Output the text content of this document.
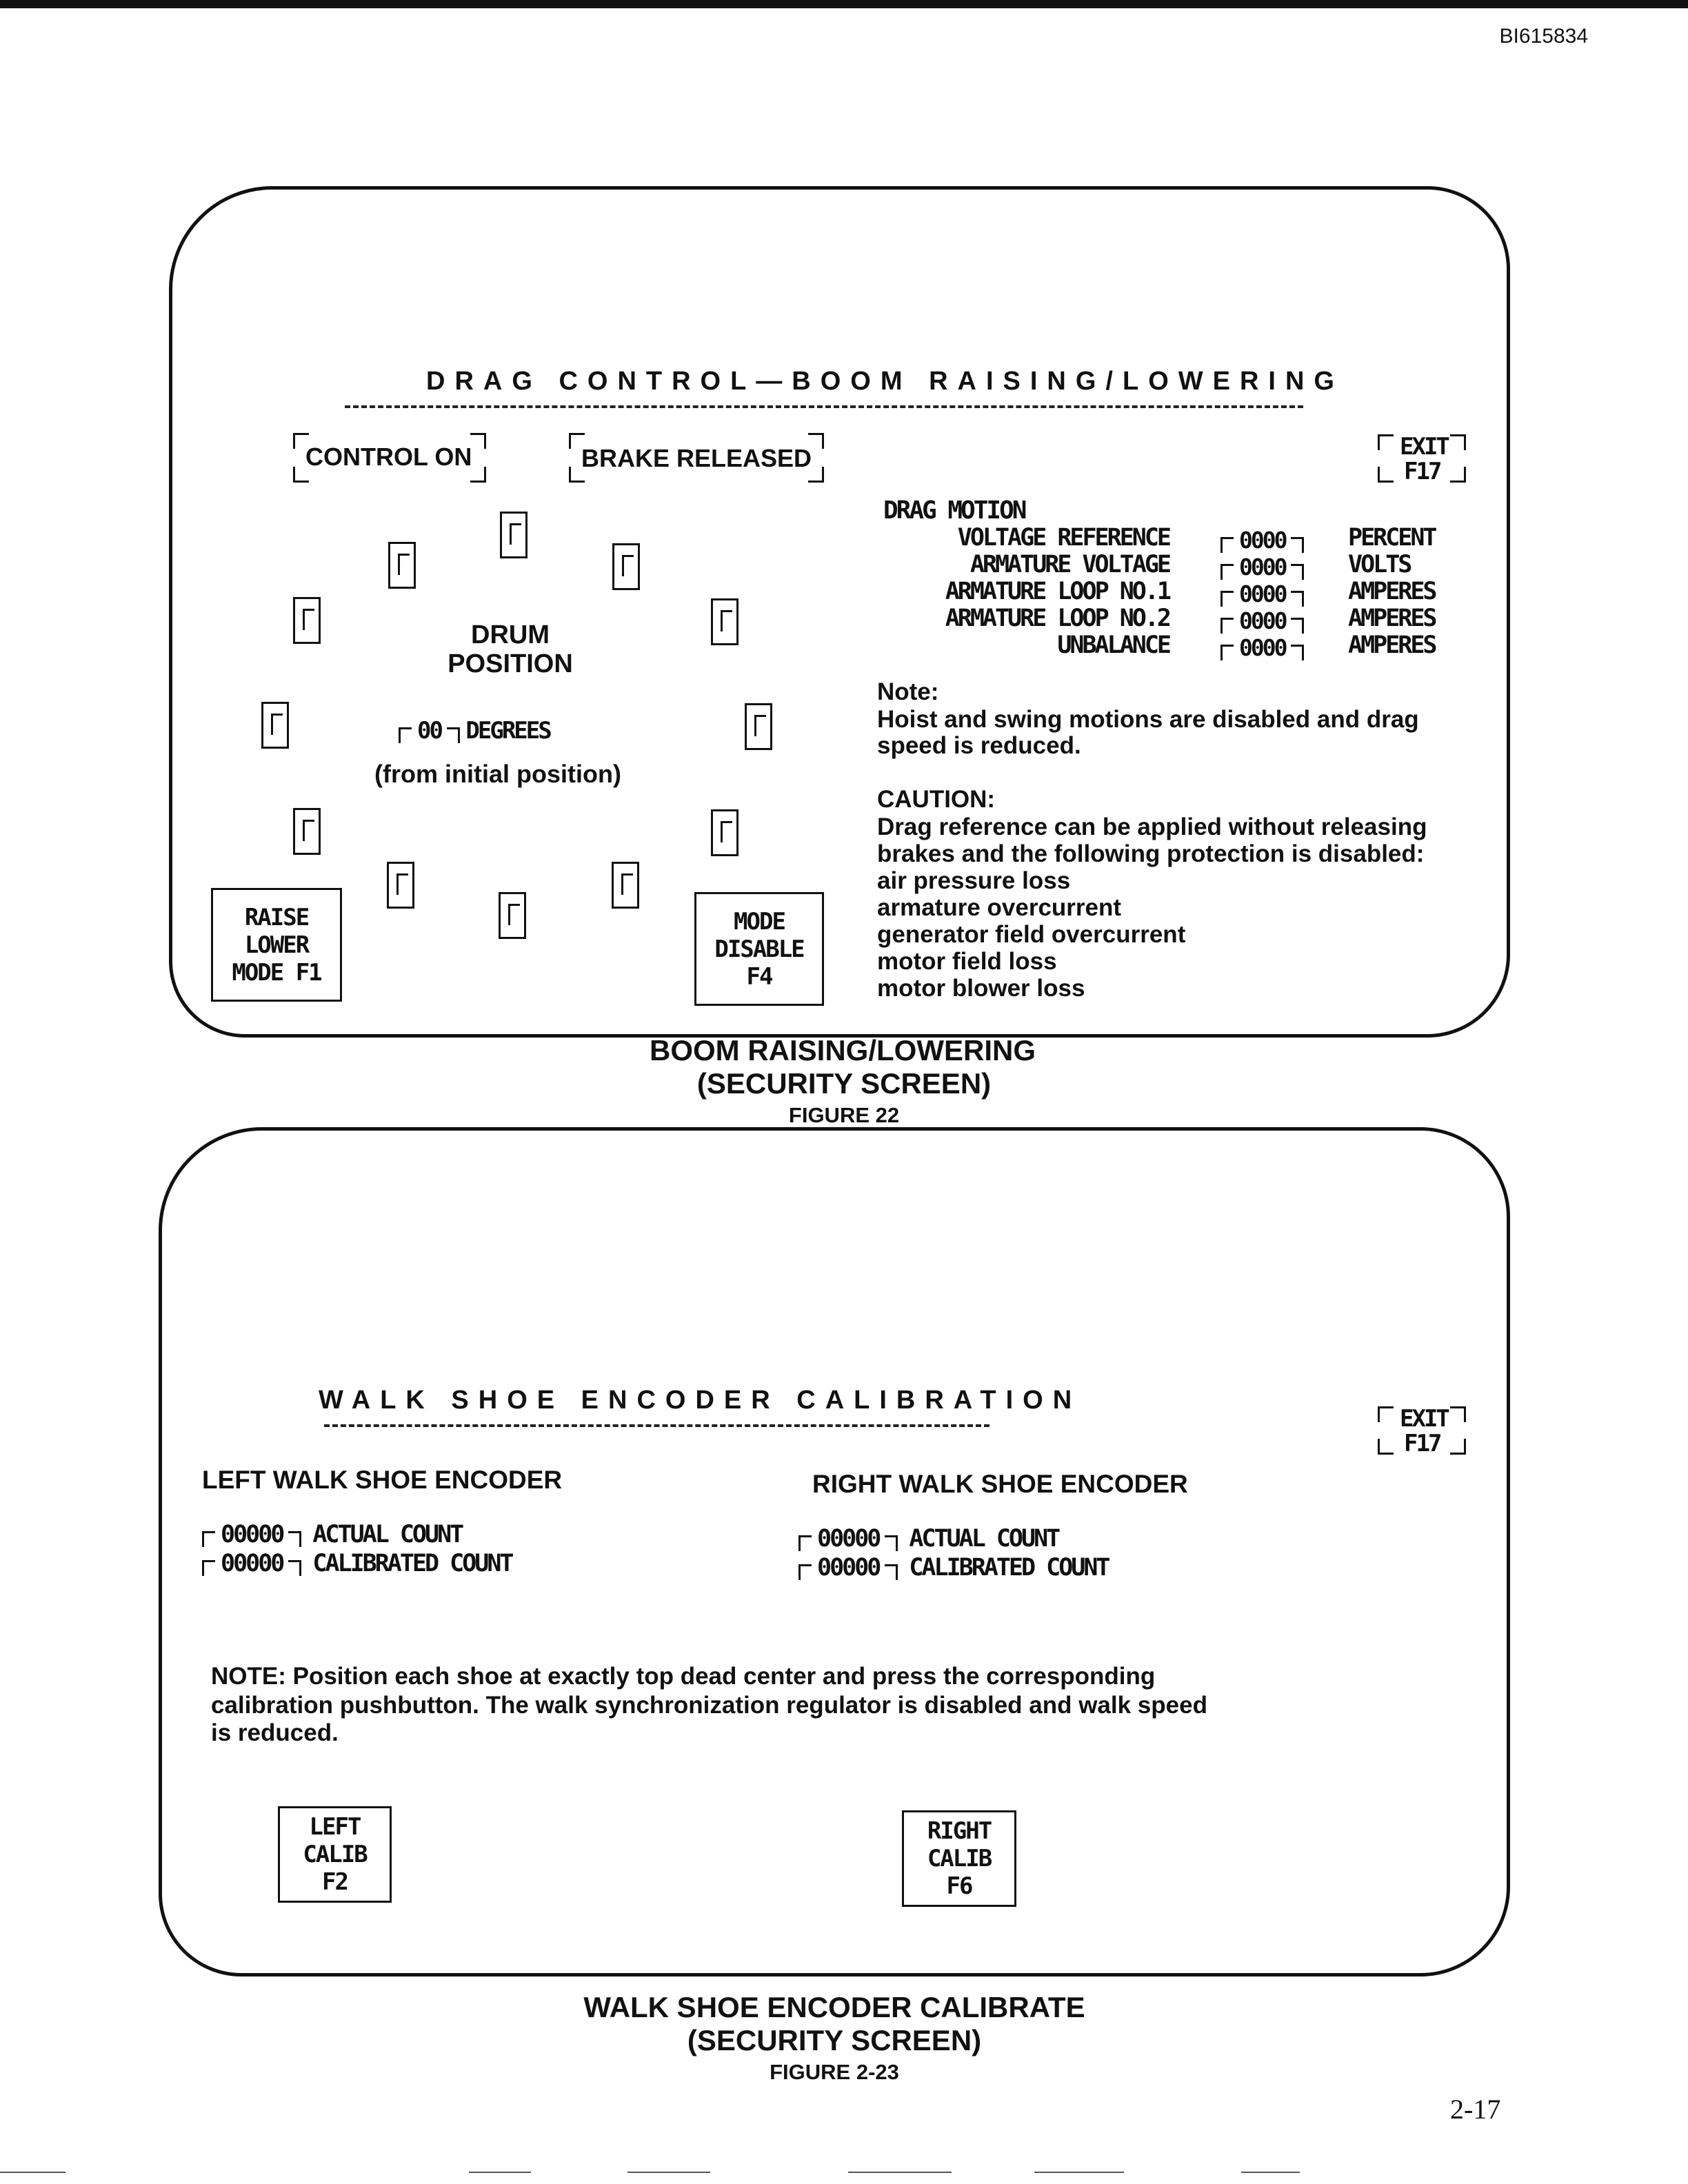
BI615834
DRAG CONTROL—BOOM RAISING/LOWERING
CONTROL ON	BRAKE RELEASED	EXIT
F17
DRUM POSITION
00 DEGREES
(from initial position)
DRAG MOTION
VOLTAGE REFERENCE	0000	PERCENT
ARMATURE VOLTAGE	0000	VOLTS
ARMATURE LOOP NO.1	0000	AMPERES
ARMATURE LOOP NO.2	0000	AMPERES
UNBALANCE	0000	AMPERES
Note:
Hoist and swing motions are disabled and drag
speed is reduced.
CAUTION:
Drag reference can be applied without releasing
brakes and the following protection is disabled:
air pressure loss
armature overcurrent
generator field overcurrent
motor field loss
motor blower loss
RAISE
LOWER
MODE F1
MODE
DISABLE
F4
BOOM RAISING/LOWERING
(SECURITY SCREEN)
FIGURE 22
WALK SHOE ENCODER CALIBRATION
EXIT
F17
LEFT WALK SHOE ENCODER	RIGHT WALK SHOE ENCODER
00000 ACTUAL COUNT
00000 CALIBRATED COUNT
00000 ACTUAL COUNT
00000 CALIBRATED COUNT
NOTE: Position each shoe at exactly top dead center and press the corresponding
calibration pushbutton. The walk synchronization regulator is disabled and walk speed
is reduced.
LEFT
CALIB
F2
RIGHT
CALIB
F6
WALK SHOE ENCODER CALIBRATE
(SECURITY SCREEN)
FIGURE 2-23
2-17
